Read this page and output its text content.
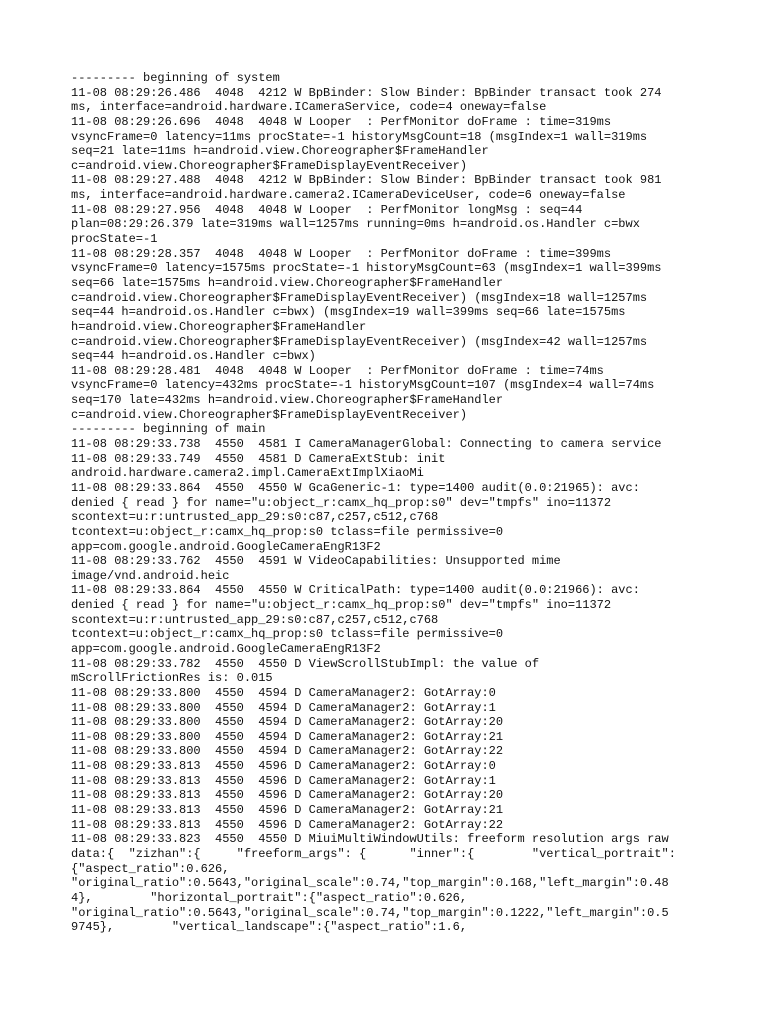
--------- beginning of system
11-08 08:29:26.486  4048  4212 W BpBinder: Slow Binder: BpBinder transact took 274
ms, interface=android.hardware.ICameraService, code=4 oneway=false
11-08 08:29:26.696  4048  4048 W Looper  : PerfMonitor doFrame : time=319ms
vsyncFrame=0 latency=11ms procState=-1 historyMsgCount=18 (msgIndex=1 wall=319ms
seq=21 late=11ms h=android.view.Choreographer$FrameHandler
c=android.view.Choreographer$FrameDisplayEventReceiver)
11-08 08:29:27.488  4048  4212 W BpBinder: Slow Binder: BpBinder transact took 981
ms, interface=android.hardware.camera2.ICameraDeviceUser, code=6 oneway=false
11-08 08:29:27.956  4048  4048 W Looper  : PerfMonitor longMsg : seq=44
plan=08:29:26.379 late=319ms wall=1257ms running=0ms h=android.os.Handler c=bwx
procState=-1
11-08 08:29:28.357  4048  4048 W Looper  : PerfMonitor doFrame : time=399ms
vsyncFrame=0 latency=1575ms procState=-1 historyMsgCount=63 (msgIndex=1 wall=399ms
seq=66 late=1575ms h=android.view.Choreographer$FrameHandler
c=android.view.Choreographer$FrameDisplayEventReceiver) (msgIndex=18 wall=1257ms
seq=44 h=android.os.Handler c=bwx) (msgIndex=19 wall=399ms seq=66 late=1575ms
h=android.view.Choreographer$FrameHandler
c=android.view.Choreographer$FrameDisplayEventReceiver) (msgIndex=42 wall=1257ms
seq=44 h=android.os.Handler c=bwx)
11-08 08:29:28.481  4048  4048 W Looper  : PerfMonitor doFrame : time=74ms
vsyncFrame=0 latency=432ms procState=-1 historyMsgCount=107 (msgIndex=4 wall=74ms
seq=170 late=432ms h=android.view.Choreographer$FrameHandler
c=android.view.Choreographer$FrameDisplayEventReceiver)
--------- beginning of main
11-08 08:29:33.738  4550  4581 I CameraManagerGlobal: Connecting to camera service
11-08 08:29:33.749  4550  4581 D CameraExtStub: init
android.hardware.camera2.impl.CameraExtImplXiaoMi
11-08 08:29:33.864  4550  4550 W GcaGeneric-1: type=1400 audit(0.0:21965): avc:
denied { read } for name="u:object_r:camx_hq_prop:s0" dev="tmpfs" ino=11372
scontext=u:r:untrusted_app_29:s0:c87,c257,c512,c768
tcontext=u:object_r:camx_hq_prop:s0 tclass=file permissive=0
app=com.google.android.GoogleCameraEngR13F2
11-08 08:29:33.762  4550  4591 W VideoCapabilities: Unsupported mime
image/vnd.android.heic
11-08 08:29:33.864  4550  4550 W CriticalPath: type=1400 audit(0.0:21966): avc:
denied { read } for name="u:object_r:camx_hq_prop:s0" dev="tmpfs" ino=11372
scontext=u:r:untrusted_app_29:s0:c87,c257,c512,c768
tcontext=u:object_r:camx_hq_prop:s0 tclass=file permissive=0
app=com.google.android.GoogleCameraEngR13F2
11-08 08:29:33.782  4550  4550 D ViewScrollStubImpl: the value of
mScrollFrictionRes is: 0.015
11-08 08:29:33.800  4550  4594 D CameraManager2: GotArray:0
11-08 08:29:33.800  4550  4594 D CameraManager2: GotArray:1
11-08 08:29:33.800  4550  4594 D CameraManager2: GotArray:20
11-08 08:29:33.800  4550  4594 D CameraManager2: GotArray:21
11-08 08:29:33.800  4550  4594 D CameraManager2: GotArray:22
11-08 08:29:33.813  4550  4596 D CameraManager2: GotArray:0
11-08 08:29:33.813  4550  4596 D CameraManager2: GotArray:1
11-08 08:29:33.813  4550  4596 D CameraManager2: GotArray:20
11-08 08:29:33.813  4550  4596 D CameraManager2: GotArray:21
11-08 08:29:33.813  4550  4596 D CameraManager2: GotArray:22
11-08 08:29:33.823  4550  4550 D MiuiMultiWindowUtils: freeform resolution args raw
data:{  "zizhan":{     "freeform_args": {      "inner":{        "vertical_portrait":
{"aspect_ratio":0.626,
"original_ratio":0.5643,"original_scale":0.74,"top_margin":0.168,"left_margin":0.48
4},        "horizontal_portrait":{"aspect_ratio":0.626,
"original_ratio":0.5643,"original_scale":0.74,"top_margin":0.1222,"left_margin":0.5
9745},        "vertical_landscape":{"aspect_ratio":1.6,
